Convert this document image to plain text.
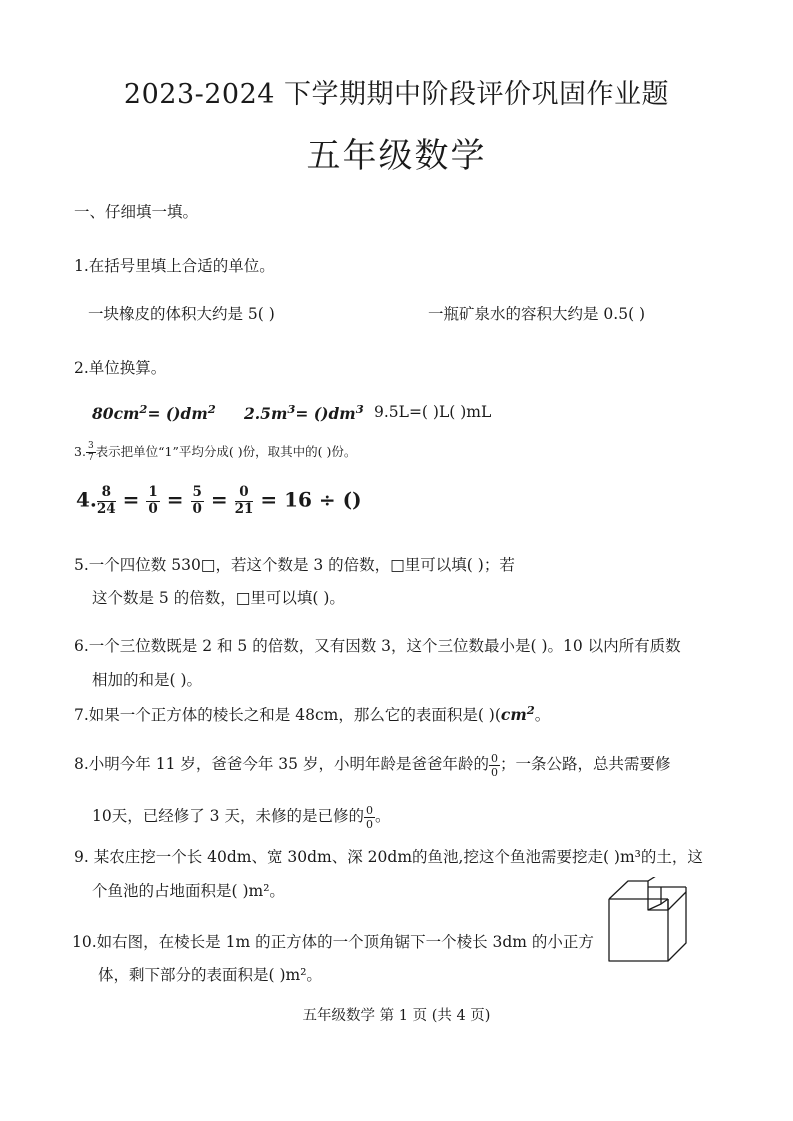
2023-2024 下学期期中阶段评价巩固作业题
五年级数学
一、仔细填一填。
1.在括号里填上合适的单位。
一块橡皮的体积大约是 5( )	一瓶矿泉水的容积大约是 0.5( )
2.单位换算。
$80cm^2= ()dm^2$ $2.5m^3= ()dm^3$ 9.5L=( )L( )mL
3. $\frac{3}{7}$ 表示把单位“1”平均分成( )份，取其中的( )份。
4. $\frac{8}{24} = \frac{1}{0} = \frac{5}{0} = \frac{0}{21} = 16$ ÷ ()
5.一个四位数 530□，若这个数是 3 的倍数，□里可以填( )；若
这个数是 5 的倍数，□里可以填( )。
6.一个三位数既是 2 和 5 的倍数，又有因数 3，这个三位数最小是( )。10 以内所有质数
相加的和是( )。
7.如果一个正方体的棱长之和是 48cm，那么它的表面积是( )($cm^2$。
8.小明今年 11 岁，爸爸今年 35 岁，小明年龄是爸爸年龄的 $\frac{0}{0}$ ；一条公路，总共需要修
10天，已经修了 3 天，未修的是已修的 $\frac{0}{0}$ 。
9. 某农庄挖一个长 40dm、宽 30dm、深 20dm的鱼池,挖这个鱼池需要挖走( )m³的土，这
个鱼池的占地面积是( )m²。
10.如右图，在棱长是 1m 的正方体的一个顶角锯下一个棱长 3dm 的小正方
体，剩下部分的表面积是( )m²。
五年级数学 第 1 页 (共 4 页)
